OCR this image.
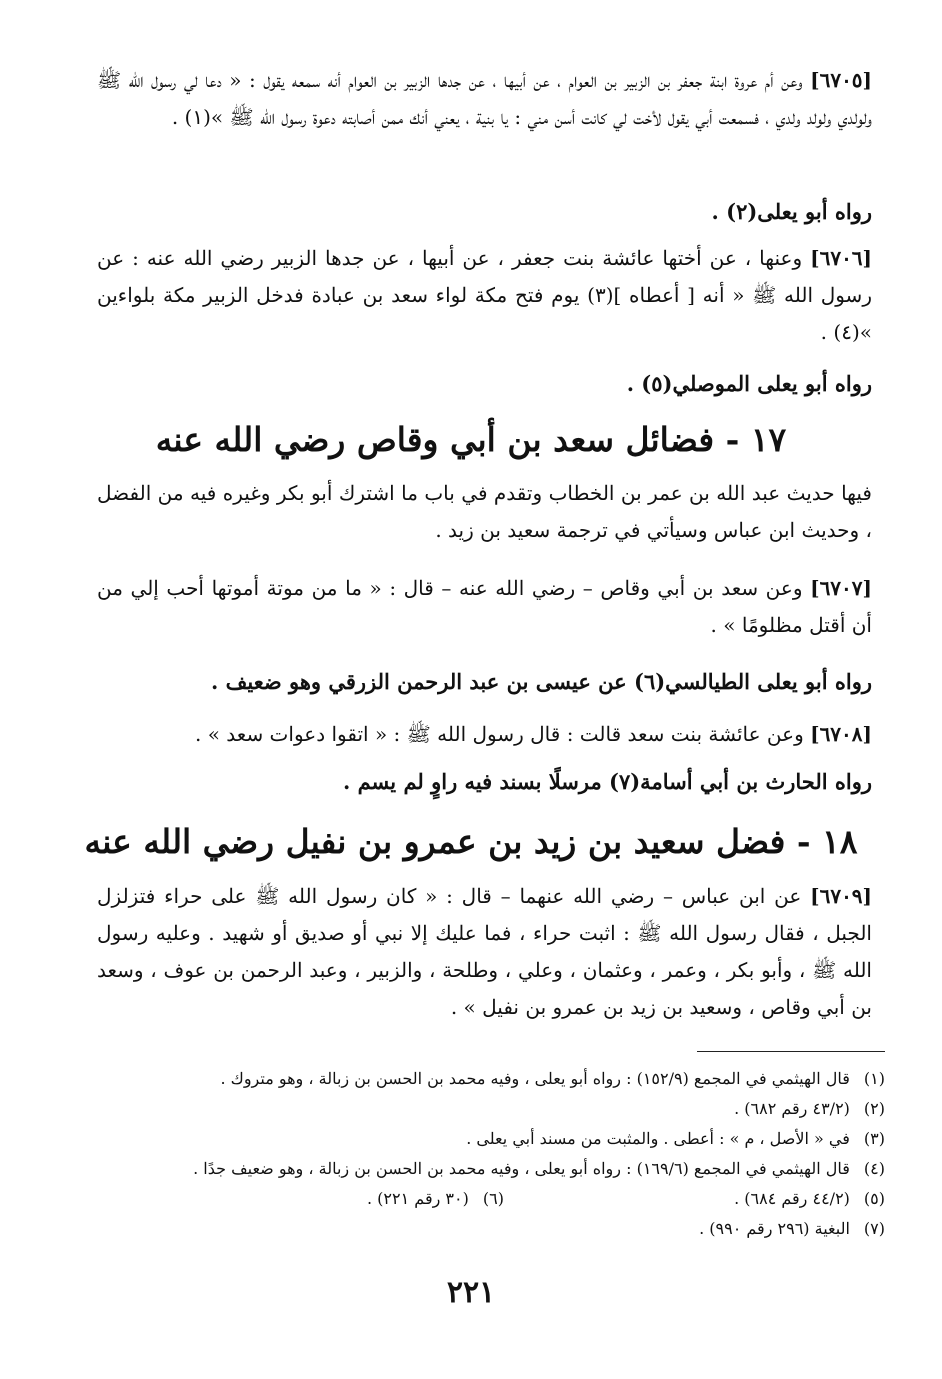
[٦٧٠٥] وعن أم عروة ابنة جعفر بن الزبير بن العوام ، عن أبيها ، عن جدها الزبير بن العوام أنه سمعه يقول : « دعا لي رسول الله ﷺ ولولدي ولولد ولدي ، فسمعت أبي يقول لأخت لي كانت أسن مني : يا بنية ، يعني أنك ممن أصابته دعوة رسول الله ﷺ »(١) .
رواه أبو يعلى(٢) .
[٦٧٠٦] وعنها ، عن أختها عائشة بنت جعفر ، عن أبيها ، عن جدها الزبير رضي الله عنه : عن رسول الله ﷺ « أنه [ أعطاه ](٣) يوم فتح مكة لواء سعد بن عبادة فدخل الزبير مكة بلواءين »(٤) .
رواه أبو يعلى الموصلي(٥) .
١٧ - فضائل سعد بن أبي وقاص رضي الله عنه
فيها حديث عبد الله بن عمر بن الخطاب وتقدم في باب ما اشترك أبو بكر وغيره فيه من الفضل ، وحديث ابن عباس وسيأتي في ترجمة سعيد بن زيد .
[٦٧٠٧] وعن سعد بن أبي وقاص – رضي الله عنه – قال : « ما من موتة أموتها أحب إلي من أن أقتل مظلومًا » .
رواه أبو يعلى الطيالسي(٦) عن عيسى بن عبد الرحمن الزرقي وهو ضعيف .
[٦٧٠٨] وعن عائشة بنت سعد قالت : قال رسول الله ﷺ : « اتقوا دعوات سعد » .
رواه الحارث بن أبي أسامة(٧) مرسلًا بسند فيه راوٍ لم يسم .
١٨ - فضل سعيد بن زيد بن عمرو بن نفيل رضي الله عنه
[٦٧٠٩] عن ابن عباس – رضي الله عنهما – قال : « كان رسول الله ﷺ على حراء فتزلزل الجبل ، فقال رسول الله ﷺ : اثبت حراء ، فما عليك إلا نبي أو صديق أو شهيد . وعليه رسول الله ﷺ ، وأبو بكر ، وعمر ، وعثمان ، وعلي ، وطلحة ، والزبير ، وعبد الرحمن بن عوف ، وسعد بن أبي وقاص ، وسعيد بن زيد بن عمرو بن نفيل » .
(١) قال الهيثمي في المجمع (١٥٢/٩) : رواه أبو يعلى ، وفيه محمد بن الحسن بن زبالة ، وهو متروك .
(٢) (٤٣/٢ رقم ٦٨٢) .
(٣) في « الأصل ، م » : أعطى . والمثبت من مسند أبي يعلى .
(٤) قال الهيثمي في المجمع (١٦٩/٦) : رواه أبو يعلى ، وفيه محمد بن الحسن بن زبالة ، وهو ضعيف جدًا .
(٥) (٤٤/٢ رقم ٦٨٤) .
(٦) (٣٠ رقم ٢٢١) .
(٧) البغية (٢٩٦ رقم ٩٩٠) .
٢٢١
